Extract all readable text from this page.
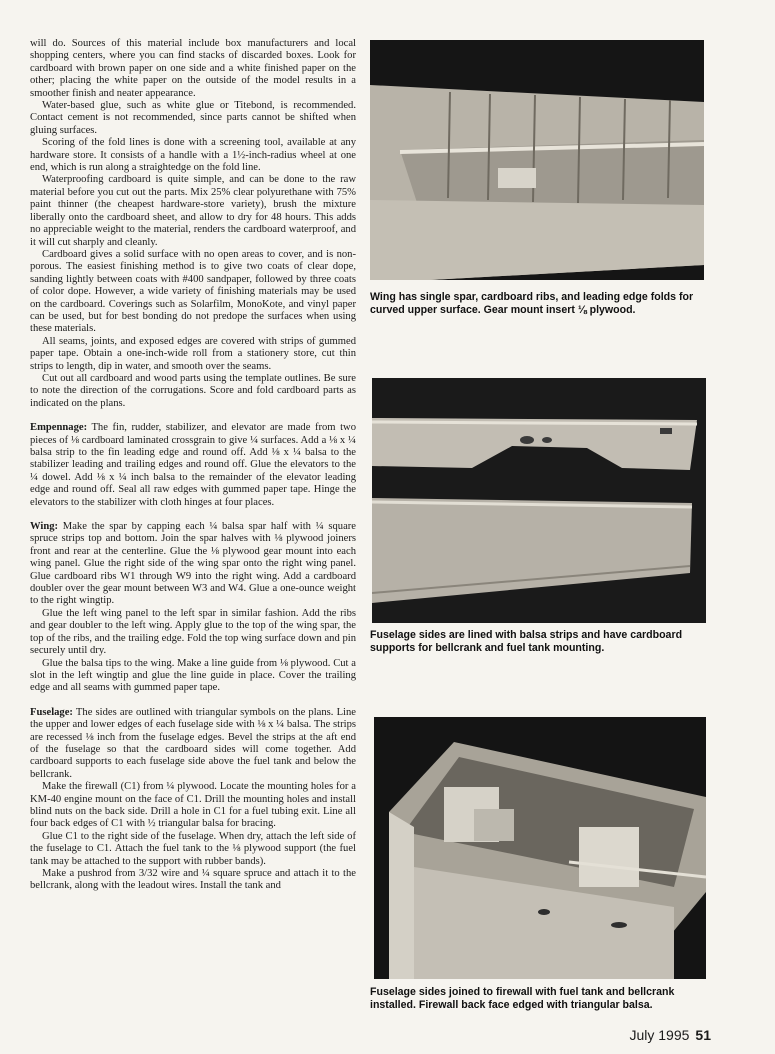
will do. Sources of this material include box manufacturers and local shopping centers, where you can find stacks of discarded boxes. Look for cardboard with brown paper on one side and a white finished paper on the other; placing the white paper on the outside of the model results in a smoother finish and neater appearance.

Water-based glue, such as white glue or Titebond, is recommended. Contact cement is not recommended, since parts cannot be shifted when gluing surfaces.

Scoring of the fold lines is done with a screening tool, available at any hardware store. It consists of a handle with a 1½-inch-radius wheel at one end, which is run along a straightedge on the fold line.

Waterproofing cardboard is quite simple, and can be done to the raw material before you cut out the parts. Mix 25% clear polyurethane with 75% paint thinner (the cheapest hardware-store variety), brush the mixture liberally onto the cardboard sheet, and allow to dry for 48 hours. This adds no appreciable weight to the material, renders the cardboard waterproof, and it will cut sharply and cleanly.

Cardboard gives a solid surface with no open areas to cover, and is non-porous. The easiest finishing method is to give two coats of clear dope, sanding lightly between coats with #400 sandpaper, followed by three coats of color dope. However, a wide variety of finishing materials may be used on the cardboard. Coverings such as Solarfilm, MonoKote, and vinyl paper can be used, but for best bonding do not predope the surfaces when using these materials.

All seams, joints, and exposed edges are covered with strips of gummed paper tape. Obtain a one-inch-wide roll from a stationery store, cut thin strips to length, dip in water, and smooth over the seams.

Cut out all cardboard and wood parts using the template outlines. Be sure to note the direction of the corrugations. Score and fold cardboard parts as indicated on the plans.

Empennage: The fin, rudder, stabilizer, and elevator are made from two pieces of ⅛ cardboard laminated crossgrain to give ¼ surfaces. Add a ⅛ x ¼ balsa strip to the fin leading edge and round off. Add ⅛ x ¼ balsa to the stabilizer leading and trailing edges and round off. Glue the elevators to the ¼ dowel. Add ⅛ x ¼ inch balsa to the remainder of the elevator leading edge and round off. Seal all raw edges with gummed paper tape. Hinge the elevators to the stabilizer with cloth hinges at four places.

Wing: Make the spar by capping each ¼ balsa spar half with ¼ square spruce strips top and bottom. Join the spar halves with ⅛ plywood joiners front and rear at the centerline. Glue the ⅛ plywood gear mount into each wing panel. Glue the right side of the wing spar onto the right wing panel. Glue cardboard ribs W1 through W9 into the right wing. Add a cardboard doubler over the gear mount between W3 and W4. Glue a one-ounce weight to the right wingtip.

Glue the left wing panel to the left spar in similar fashion. Add the ribs and gear doubler to the left wing. Apply glue to the top of the wing spar, the top of the ribs, and the trailing edge. Fold the top wing surface down and pin securely until dry.

Glue the balsa tips to the wing. Make a line guide from ⅛ plywood. Cut a slot in the left wingtip and glue the line guide in place. Cover the trailing edge and all seams with gummed paper tape.

Fuselage: The sides are outlined with triangular symbols on the plans. Line the upper and lower edges of each fuselage side with ⅛ x ¼ balsa. The strips are recessed ⅛ inch from the fuselage edges. Bevel the strips at the aft end of the fuselage so that the cardboard sides will come together. Add cardboard supports to each fuselage side above the fuel tank and below the bellcrank.

Make the firewall (C1) from ¼ plywood. Locate the mounting holes for a KM-40 engine mount on the face of C1. Drill the mounting holes and install blind nuts on the back side. Drill a hole in C1 for a fuel tubing exit. Line all four back edges of C1 with ½ triangular balsa for bracing.

Glue C1 to the right side of the fuselage. When dry, attach the left side of the fuselage to C1. Attach the fuel tank to the ⅛ plywood support (the fuel tank may be attached to the support with rubber bands).

Make a pushrod from 3/32 wire and ¼ square spruce and attach it to the bellcrank, along with the leadout wires. Install the tank and

Wing has single spar, cardboard ribs, and leading edge folds for curved upper surface. Gear mount insert ⅛ plywood.
Fuselage sides are lined with balsa strips and have cardboard supports for bellcrank and fuel tank mounting.
Fuselage sides joined to firewall with fuel tank and bellcrank installed. Firewall back face edged with triangular balsa.
July 1995 51
